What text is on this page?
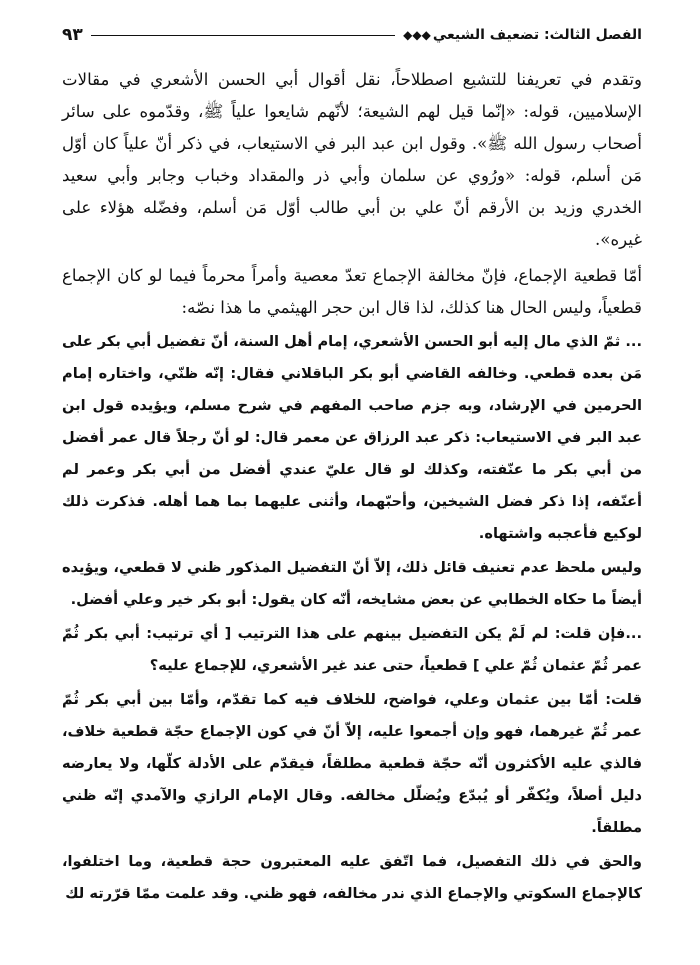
الفصل الثالث: تضعيف الشيعي
◆◆◆
٩٣

وتقدم في تعريفنا للتشيع اصطلاحاً، نقل أقوال أبي الحسن الأشعري في مقالات الإسلاميين، قوله: «إنّما قيل لهم الشيعة؛ لأنّهم شايعوا علياً ﷺ، وقدّموه على سائر أصحاب رسول الله ﷺ». وقول ابن عبد البر في الاستيعاب، في ذكر أنّ علياً كان أوّل مَن أسلم، قوله: «ورُوي عن سلمان وأبي ذر والمقداد وخباب وجابر وأبي سعيد الخدري وزيد بن الأرقم أنّ علي بن أبي طالب أوّل مَن أسلم، وفضّله هؤلاء على غيره».

أمّا قطعية الإجماع، فإنّ مخالفة الإجماع تعدّ معصية وأمراً محرماً فيما لو كان الإجماع قطعياً، وليس الحال هنا كذلك، لذا قال ابن حجر الهيثمي ما هذا نصّه:

... ثمّ الذي مال إليه أبو الحسن الأشعري، إمام أهل السنة، أنّ تفضيل أبي بكر على مَن بعده قطعي. وخالفه القاضي أبو بكر الباقلاني فقال: إنّه ظنّي، واختاره إمام الحرمين في الإرشاد، وبه جزم صاحب المفهم في شرح مسلم، ويؤيده قول ابن عبد البر في الاستيعاب: ذكر عبد الرزاق عن معمر قال: لو أنّ رجلاً قال عمر أفضل من أبي بكر ما عنّفته، وكذلك لو قال عليّ عندي أفضل من أبي بكر وعمر لم أعنّفه، إذا ذكر فضل الشيخين، وأحبّهما، وأثنى عليهما بما هما أهله. فذكرت ذلك لوكيع فأعجبه واشتهاه.

وليس ملحظ عدم تعنيف قائل ذلك، إلاّ أنّ التفضيل المذكور ظني لا قطعي، ويؤيده أيضاً ما حكاه الخطابي عن بعض مشايخه، أنّه كان يقول: أبو بكر خير وعلي أفضل.

...فإن قلت: لم لَمْ يكن التفضيل بينهم على هذا الترتيب [ أي ترتيب: أبي بكر ثُمّ عمر ثُمّ عثمان ثُمّ علي ] قطعياً، حتى عند غير الأشعري، للإجماع عليه؟

قلت: أمّا بين عثمان وعلي، فواضح، للخلاف فيه كما تقدّم، وأمّا بين أبي بكر ثُمّ عمر ثُمّ غيرهما، فهو وإن أجمعوا عليه، إلاّ أنّ في كون الإجماع حجّة قطعية خلاف، فالذي عليه الأكثرون أنّه حجّة قطعية مطلقاً، فيقدّم على الأدلة كلّها، ولا يعارضه دليل أصلاً، ويُكفّر أو يُبدّع ويُضلّل مخالفه. وقال الإمام الرازي والآمدي إنّه ظني مطلقاً.

والحق في ذلك التفصيل، فما اتّفق عليه المعتبرون حجة قطعية، وما اختلفوا، كالإجماع السكوتي والإجماع الذي ندر مخالفه، فهو ظني. وقد علمت ممّا قرّرته لك
